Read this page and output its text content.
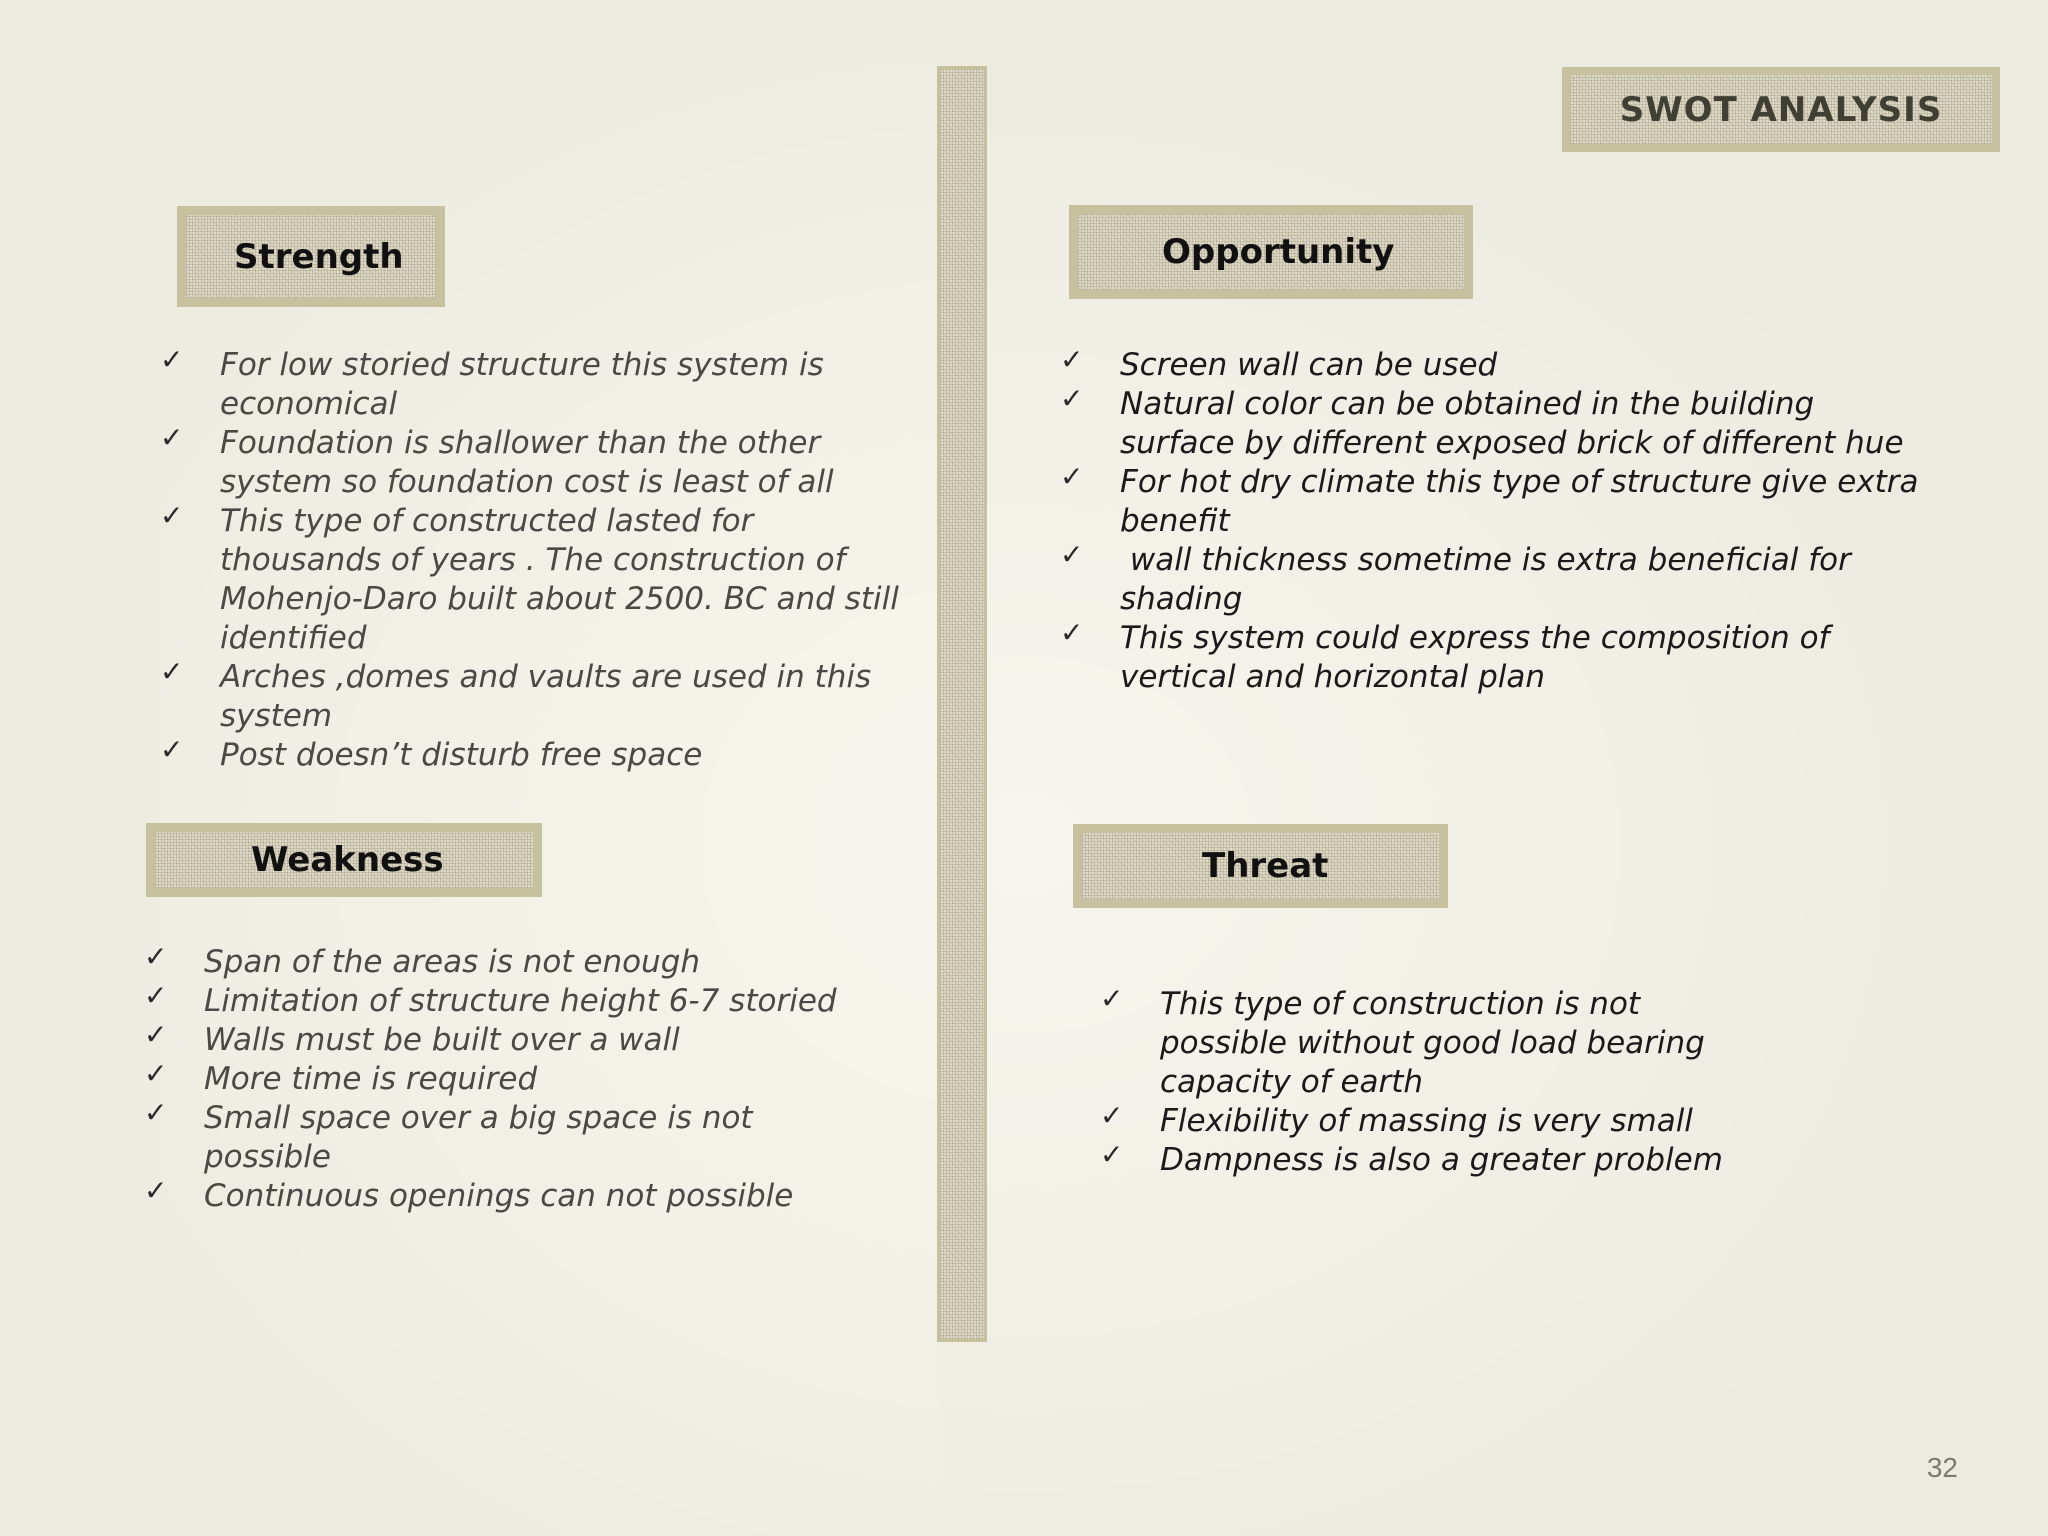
SWOT ANALYSIS
Strength
✓ For low storied structure this system is economical
✓ Foundation is shallower than the other system so foundation cost is least of all
✓ This type of constructed lasted for thousands of years . The construction of Mohenjo-Daro built about 2500. BC and still identified
✓ Arches ,domes and vaults are used in this system
✓ Post doesn’t disturb free space
Weakness
✓ Span of the areas is not enough
✓ Limitation of structure height 6-7 storied
✓ Walls must be built over a wall
✓ More time is required
✓ Small space over a big space is not possible
✓ Continuous openings can not possible
Opportunity
✓ Screen wall can be used
✓ Natural color can be obtained in the building surface by different exposed brick of different hue
✓ For hot dry climate this type of structure give extra benefit
✓ wall thickness sometime is extra beneficial for shading
✓ This system could express the composition of vertical and horizontal plan
Threat
✓ This type of construction is not possible without good load bearing capacity of earth
✓ Flexibility of massing is very small
✓ Dampness is also a greater problem
32
